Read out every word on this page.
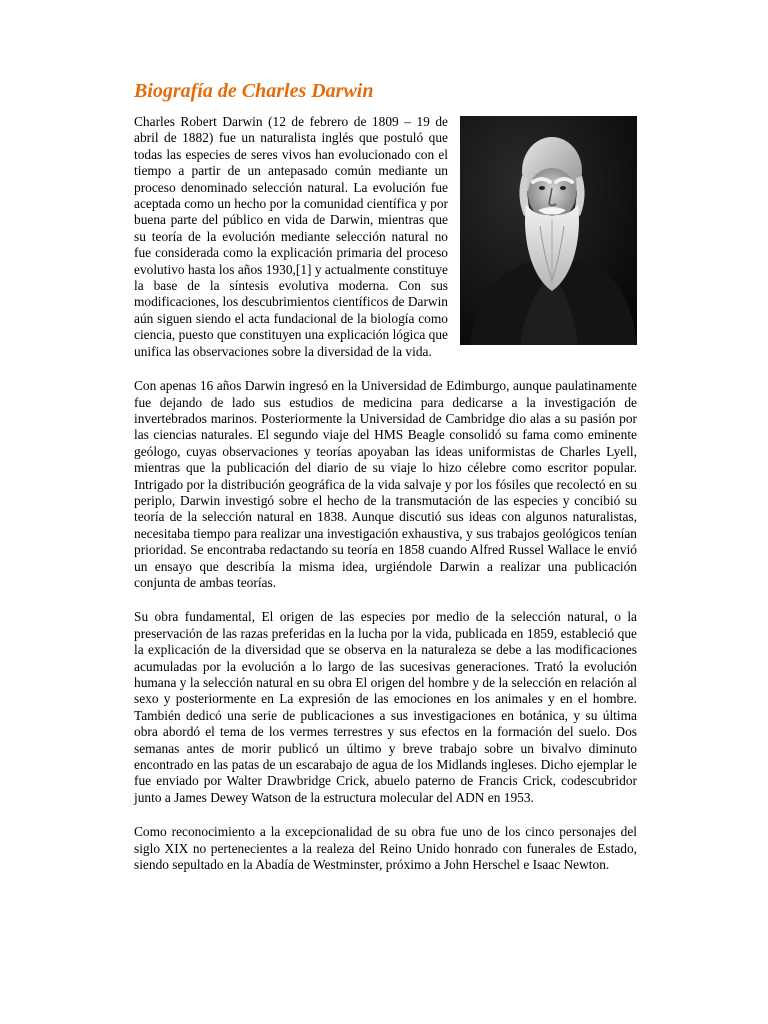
Biografía de Charles Darwin

Charles Robert Darwin (12 de febrero de 1809 – 19 de abril de 1882) fue un naturalista inglés que postuló que todas las especies de seres vivos han evolucionado con el tiempo a partir de un antepasado común mediante un proceso denominado selección natural. La evolución fue aceptada como un hecho por la comunidad científica y por buena parte del público en vida de Darwin, mientras que su teoría de la evolución mediante selección natural no fue considerada como la explicación primaria del proceso evolutivo hasta los años 1930,[1] y actualmente constituye la base de la síntesis evolutiva moderna. Con sus modificaciones, los descubrimientos científicos de Darwin aún siguen siendo el acta fundacional de la biología como ciencia, puesto que constituyen una explicación lógica que unifica las observaciones sobre la diversidad de la vida.

Con apenas 16 años Darwin ingresó en la Universidad de Edimburgo, aunque paulatinamente fue dejando de lado sus estudios de medicina para dedicarse a la investigación de invertebrados marinos. Posteriormente la Universidad de Cambridge dio alas a su pasión por las ciencias naturales. El segundo viaje del HMS Beagle consolidó su fama como eminente geólogo, cuyas observaciones y teorías apoyaban las ideas uniformistas de Charles Lyell, mientras que la publicación del diario de su viaje lo hizo célebre como escritor popular. Intrigado por la distribución geográfica de la vida salvaje y por los fósiles que recolectó en su periplo, Darwin investigó sobre el hecho de la transmutación de las especies y concibió su teoría de la selección natural en 1838. Aunque discutió sus ideas con algunos naturalistas, necesitaba tiempo para realizar una investigación exhaustiva, y sus trabajos geológicos tenían prioridad. Se encontraba redactando su teoría en 1858 cuando Alfred Russel Wallace le envió un ensayo que describía la misma idea, urgiéndole Darwin a realizar una publicación conjunta de ambas teorías.

Su obra fundamental, El origen de las especies por medio de la selección natural, o la preservación de las razas preferidas en la lucha por la vida, publicada en 1859, estableció que la explicación de la diversidad que se observa en la naturaleza se debe a las modificaciones acumuladas por la evolución a lo largo de las sucesivas generaciones. Trató la evolución humana y la selección natural en su obra El origen del hombre y de la selección en relación al sexo y posteriormente en La expresión de las emociones en los animales y en el hombre. También dedicó una serie de publicaciones a sus investigaciones en botánica, y su última obra abordó el tema de los vermes terrestres y sus efectos en la formación del suelo. Dos semanas antes de morir publicó un último y breve trabajo sobre un bivalvo diminuto encontrado en las patas de un escarabajo de agua de los Midlands ingleses. Dicho ejemplar le fue enviado por Walter Drawbridge Crick, abuelo paterno de Francis Crick, codescubridor junto a James Dewey Watson de la estructura molecular del ADN en 1953.

Como reconocimiento a la excepcionalidad de su obra fue uno de los cinco personajes del siglo XIX no pertenecientes a la realeza del Reino Unido honrado con funerales de Estado, siendo sepultado en la Abadía de Westminster, próximo a John Herschel e Isaac Newton.
